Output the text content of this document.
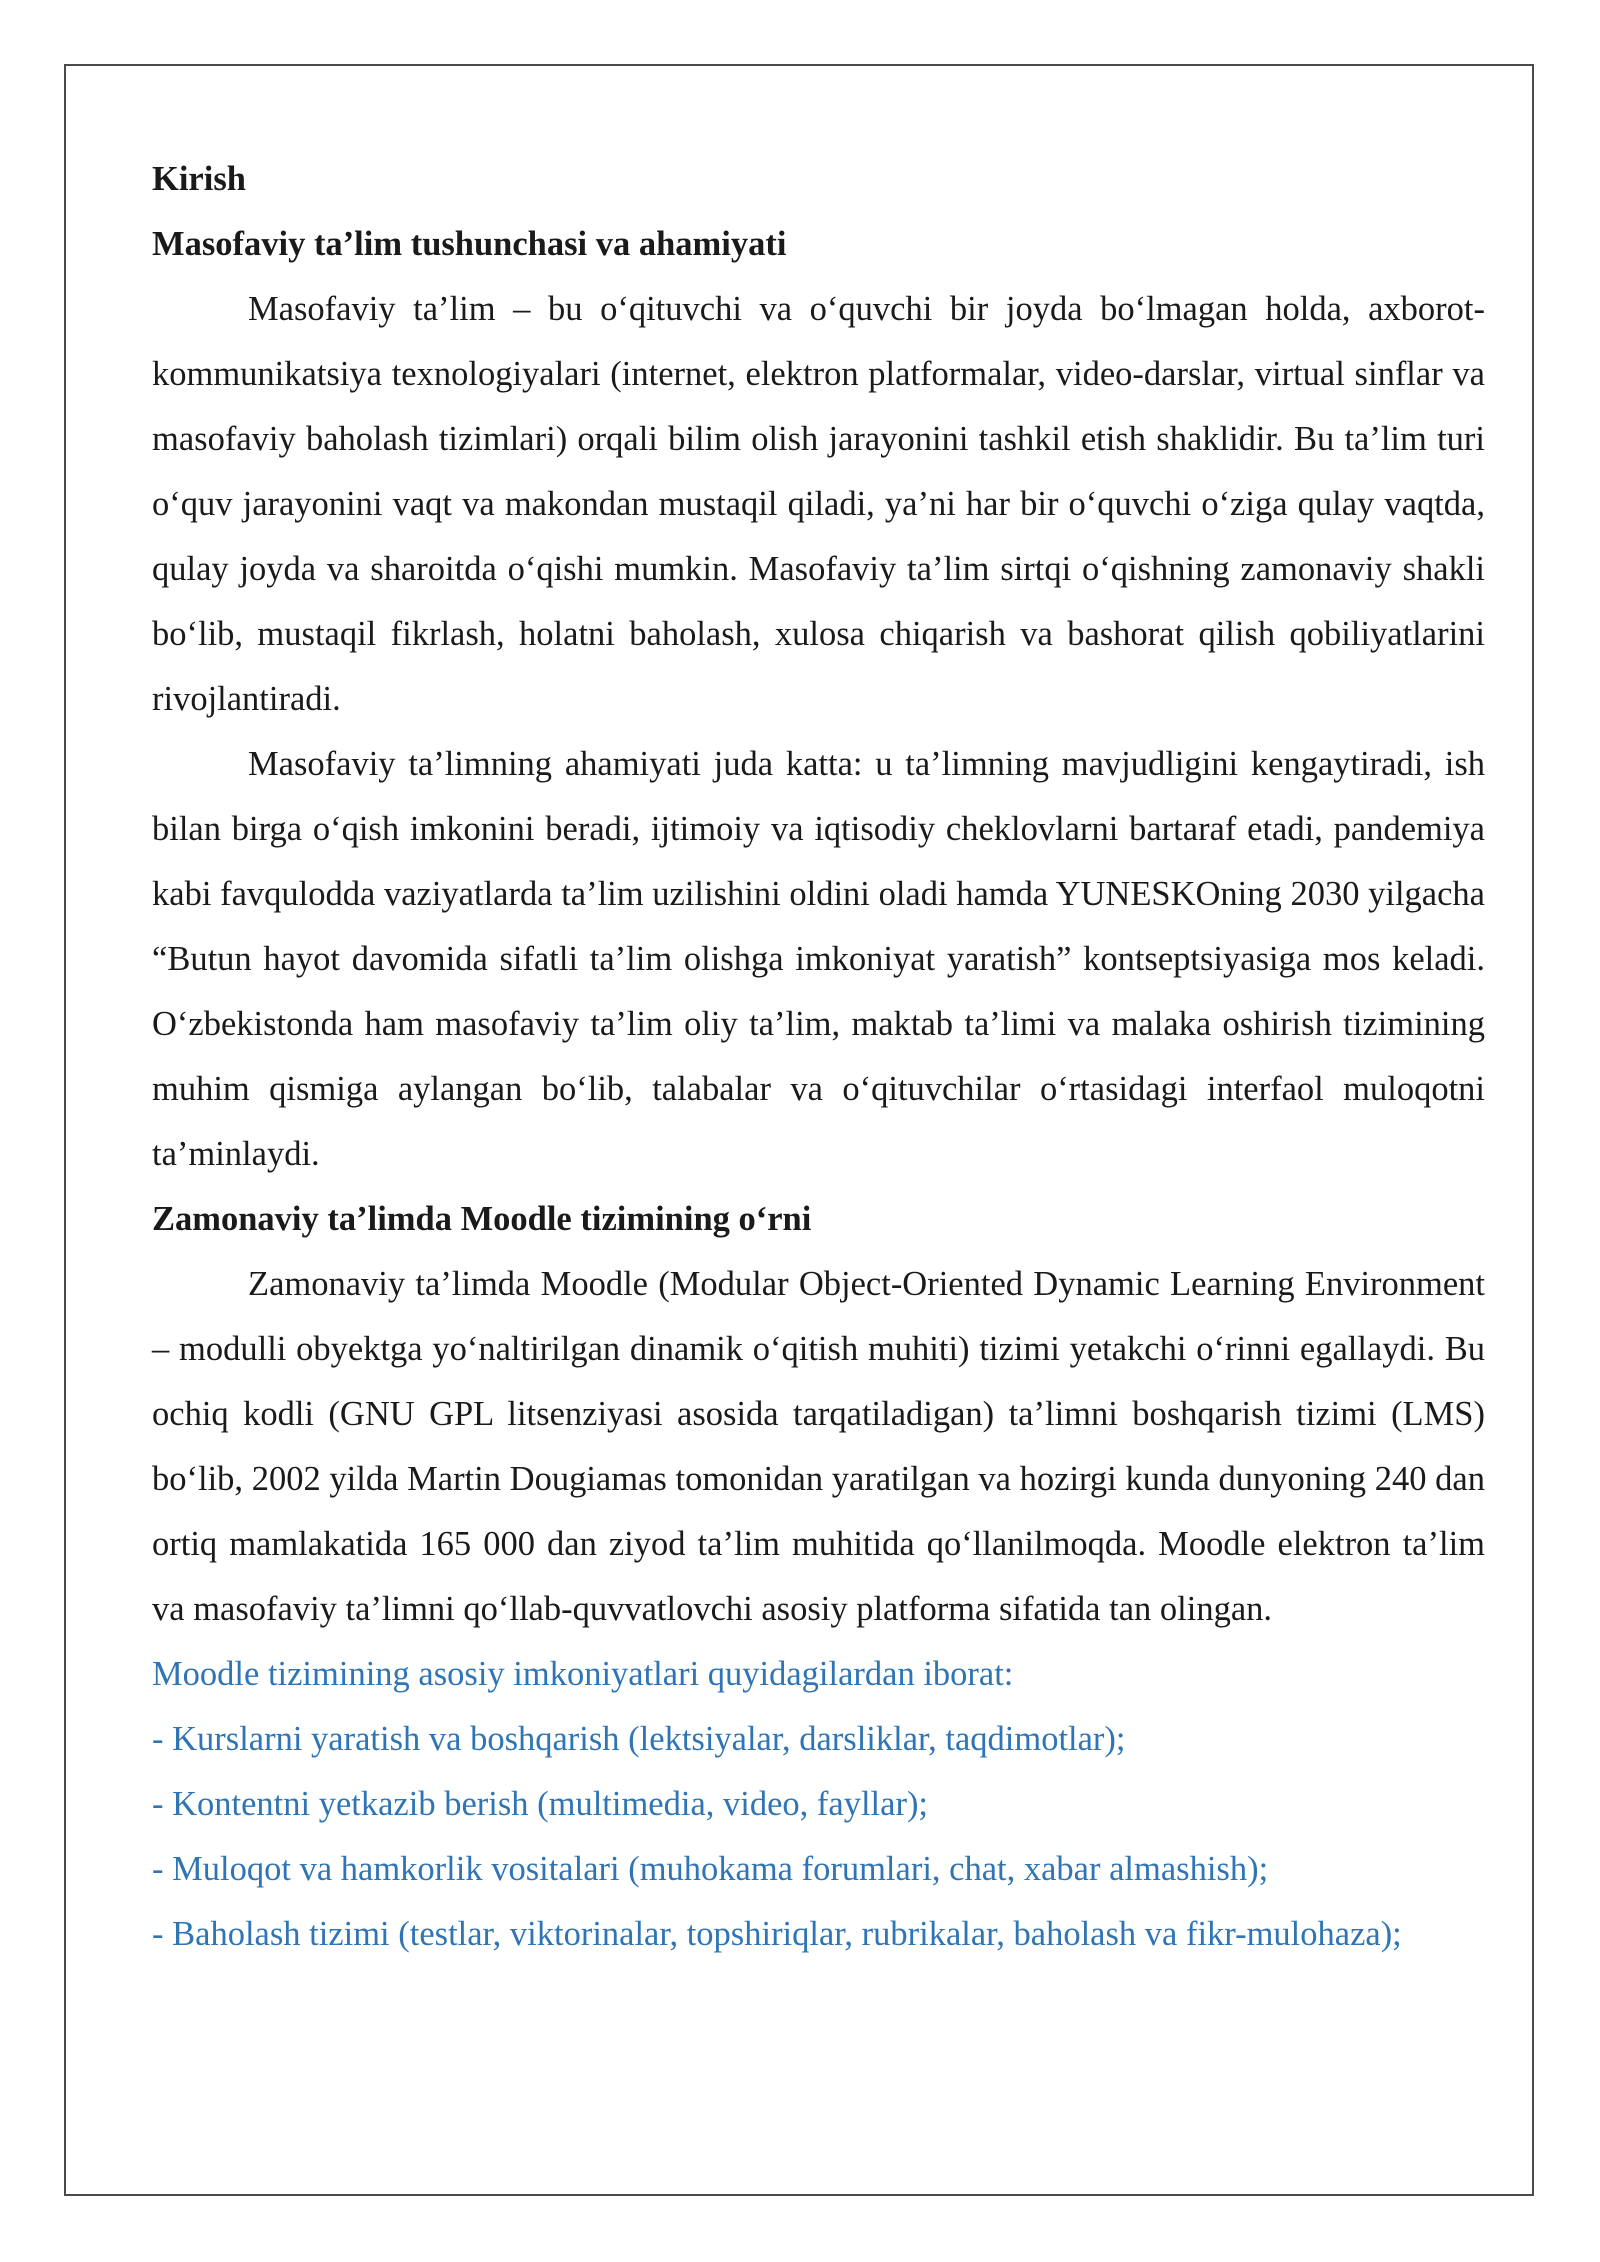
Kirish

Masofaviy ta’lim tushunchasi va ahamiyati

Masofaviy ta’lim – bu o‘qituvchi va o‘quvchi bir joyda bo‘lmagan holda, axborot-kommunikatsiya texnologiyalari (internet, elektron platformalar, video-darslar, virtual sinflar va masofaviy baholash tizimlari) orqali bilim olish jarayonini tashkil etish shaklidir. Bu ta’lim turi o‘quv jarayonini vaqt va makondan mustaqil qiladi, ya’ni har bir o‘quvchi o‘ziga qulay vaqtda, qulay joyda va sharoitda o‘qishi mumkin. Masofaviy ta’lim sirtqi o‘qishning zamonaviy shakli bo‘lib, mustaqil fikrlash, holatni baholash, xulosa chiqarish va bashorat qilish qobiliyatlarini rivojlantiradi.

Masofaviy ta’limning ahamiyati juda katta: u ta’limning mavjudligini kengaytiradi, ish bilan birga o‘qish imkonini beradi, ijtimoiy va iqtisodiy cheklovlarni bartaraf etadi, pandemiya kabi favqulodda vaziyatlarda ta’lim uzilishini oldini oladi hamda YUNESKOning 2030 yilgacha “Butun hayot davomida sifatli ta’lim olishga imkoniyat yaratish” kontseptsiyasiga mos keladi. O‘zbekistonda ham masofaviy ta’lim oliy ta’lim, maktab ta’limi va malaka oshirish tizimining muhim qismiga aylangan bo‘lib, talabalar va o‘qituvchilar o‘rtasidagi interfaol muloqotni ta’minlaydi.

Zamonaviy ta’limda Moodle tizimining o‘rni

Zamonaviy ta’limda Moodle (Modular Object-Oriented Dynamic Learning Environment – modulli obyektga yo‘naltirilgan dinamik o‘qitish muhiti) tizimi yetakchi o‘rinni egallaydi. Bu ochiq kodli (GNU GPL litsenziyasi asosida tarqatiladigan) ta’limni boshqarish tizimi (LMS) bo‘lib, 2002 yilda Martin Dougiamas tomonidan yaratilgan va hozirgi kunda dunyoning 240 dan ortiq mamlakatida 165 000 dan ziyod ta’lim muhitida qo‘llanilmoqda. Moodle elektron ta’lim va masofaviy ta’limni qo‘llab-quvvatlovchi asosiy platforma sifatida tan olingan.

Moodle tizimining asosiy imkoniyatlari quyidagilardan iborat:

- Kurslarni yaratish va boshqarish (lektsiyalar, darsliklar, taqdimotlar);

- Kontentni yetkazib berish (multimedia, video, fayllar);

- Muloqot va hamkorlik vositalari (muhokama forumlari, chat, xabar almashish);

- Baholash tizimi (testlar, viktorinalar, topshiriqlar, rubrikalar, baholash va fikr-mulohaza);
